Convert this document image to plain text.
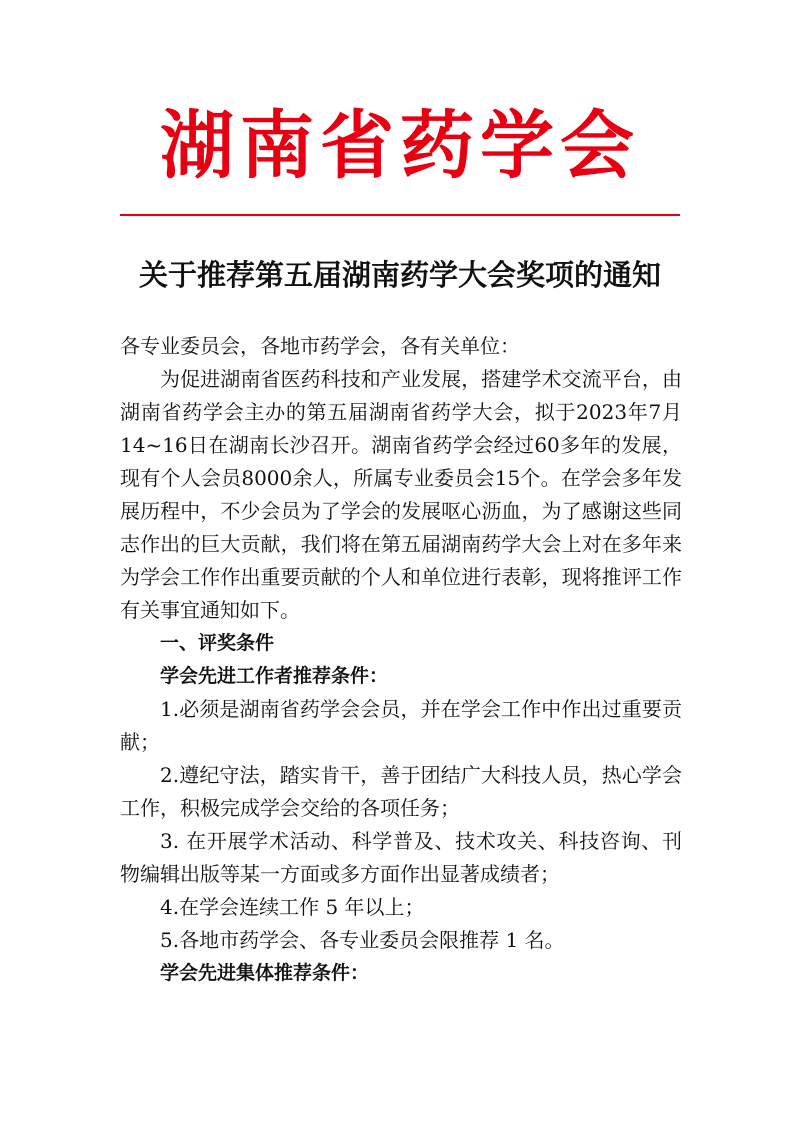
湖南省药学会
关于推荐第五届湖南药学大会奖项的通知

各专业委员会，各地市药学会，各有关单位：

为促进湖南省医药科技和产业发展，搭建学术交流平台，由湖南省药学会主办的第五届湖南省药学大会，拟于2023年7月14~16日在湖南长沙召开。湖南省药学会经过60多年的发展，现有个人会员8000余人，所属专业委员会15个。在学会多年发展历程中，不少会员为了学会的发展呕心沥血，为了感谢这些同志作出的巨大贡献，我们将在第五届湖南药学大会上对在多年来为学会工作作出重要贡献的个人和单位进行表彰，现将推评工作有关事宜通知如下。

一、评奖条件

学会先进工作者推荐条件：

1.必须是湖南省药学会会员，并在学会工作中作出过重要贡献；

2.遵纪守法，踏实肯干，善于团结广大科技人员，热心学会工作，积极完成学会交给的各项任务；

3. 在开展学术活动、科学普及、技术攻关、科技咨询、刊物编辑出版等某一方面或多方面作出显著成绩者；

4.在学会连续工作 5 年以上；

5.各地市药学会、各专业委员会限推荐 1 名。

学会先进集体推荐条件：
